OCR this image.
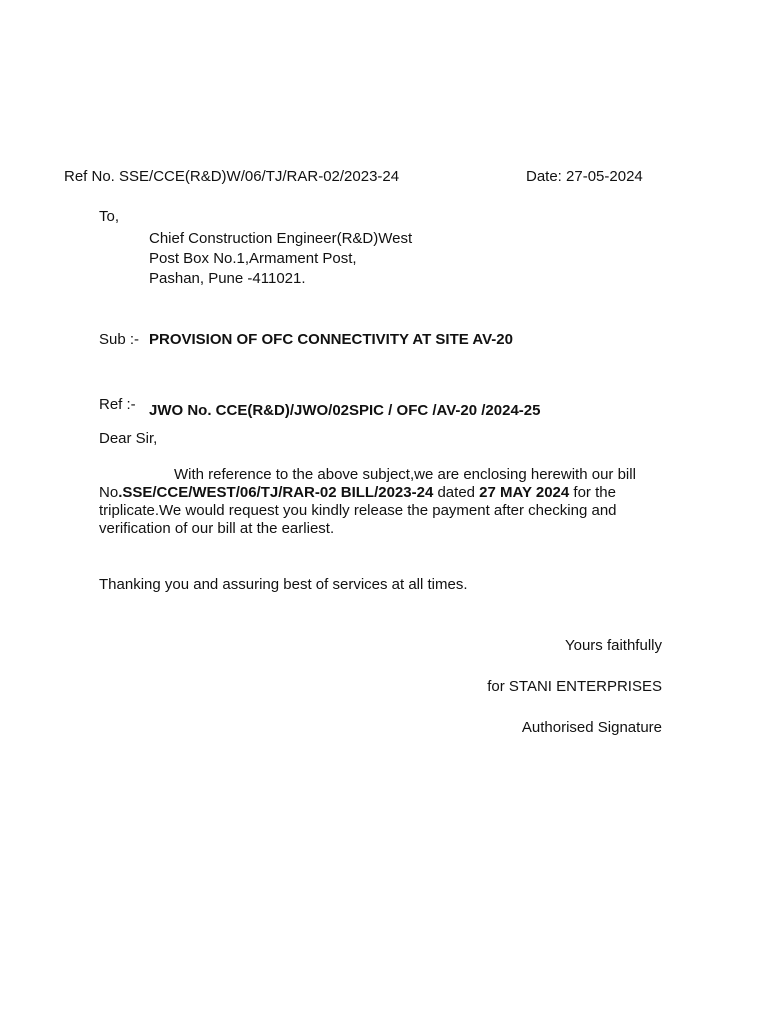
Ref No. SSE/CCE(R&D)W/06/TJ/RAR-02/2023-24	Date: 27-05-2024
To,
Chief Construction Engineer(R&D)West
Post Box No.1,Armament Post,
Pashan, Pune -411021.
Sub :- PROVISION OF OFC CONNECTIVITY AT SITE AV-20
Ref :- JWO No. CCE(R&D)/JWO/02SPIC / OFC /AV-20 /2024-25
Dear Sir,
With reference to the above subject,we are enclosing herewith our bill No.SSE/CCE/WEST/06/TJ/RAR-02 BILL/2023-24 dated 27 MAY 2024 for the triplicate.We would request you kindly release the payment after checking and verification of our bill at the earliest.
Thanking you and assuring best of services at all times.
Yours faithfully
for STANI ENTERPRISES
Authorised Signature
